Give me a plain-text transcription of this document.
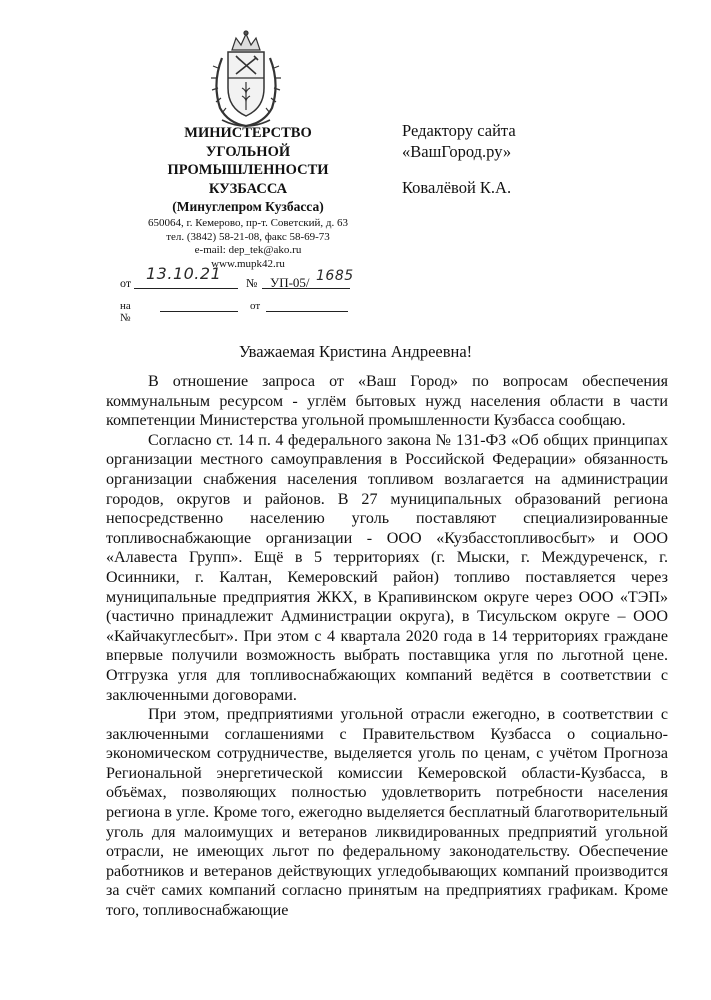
МИНИСТЕРСТВО

УГОЛЬНОЙ

ПРОМЫШЛЕННОСТИ

КУЗБАССА

(Минуглепром Кузбасса)

650064, г. Кемерово, пр-т. Советский, д. 63

тел. (3842) 58-21-08, факс 58-69-73

e-mail: dep_tek@ako.ru

www.mupk42.ru

от 13.10.21 № УП-05/ 1685
на №
от

Редактору сайта

«ВашГород.ру»

Ковалёвой К.А.

Уважаемая Кристина Андреевна!

В отношение запроса от «Ваш Город» по вопросам обеспечения коммунальным ресурсом - углём бытовых нужд населения области в части компетенции Министерства угольной промышленности Кузбасса сообщаю.

Согласно ст. 14 п. 4 федерального закона № 131-ФЗ «Об общих принципах организации местного самоуправления в Российской Федерации» обязанность организации снабжения населения топливом возлагается на администрации городов, округов и районов. В 27 муниципальных образований региона непосредственно населению уголь поставляют специализированные топливоснабжающие организации - ООО «Кузбасстопливосбыт» и ООО «Алавеста Групп». Ещё в 5 территориях (г. Мыски, г. Междуреченск, г. Осинники, г. Калтан, Кемеровский район) топливо поставляется через муниципальные предприятия ЖКХ, в Крапивинском округе через ООО «ТЭП» (частично принадлежит Администрации округа), в Тисульском округе – ООО «Кайчакуглесбыт». При этом с 4 квартала 2020 года в 14 территориях граждане впервые получили возможность выбрать поставщика угля по льготной цене. Отгрузка угля для топливоснабжающих компаний ведётся в соответствии с заключенными договорами.

При этом, предприятиями угольной отрасли ежегодно, в соответствии с заключенными соглашениями с Правительством Кузбасса о социально-экономическом сотрудничестве, выделяется уголь по ценам, с учётом Прогноза Региональной энергетической комиссии Кемеровской области-Кузбасса, в объёмах, позволяющих полностью удовлетворить потребности населения региона в угле. Кроме того, ежегодно выделяется бесплатный благотворительный уголь для малоимущих и ветеранов ликвидированных предприятий угольной отрасли, не имеющих льгот по федеральному законодательству. Обеспечение работников и ветеранов действующих угледобывающих компаний производится за счёт самих компаний согласно принятым на предприятиях графикам. Кроме того, топливоснабжающие
